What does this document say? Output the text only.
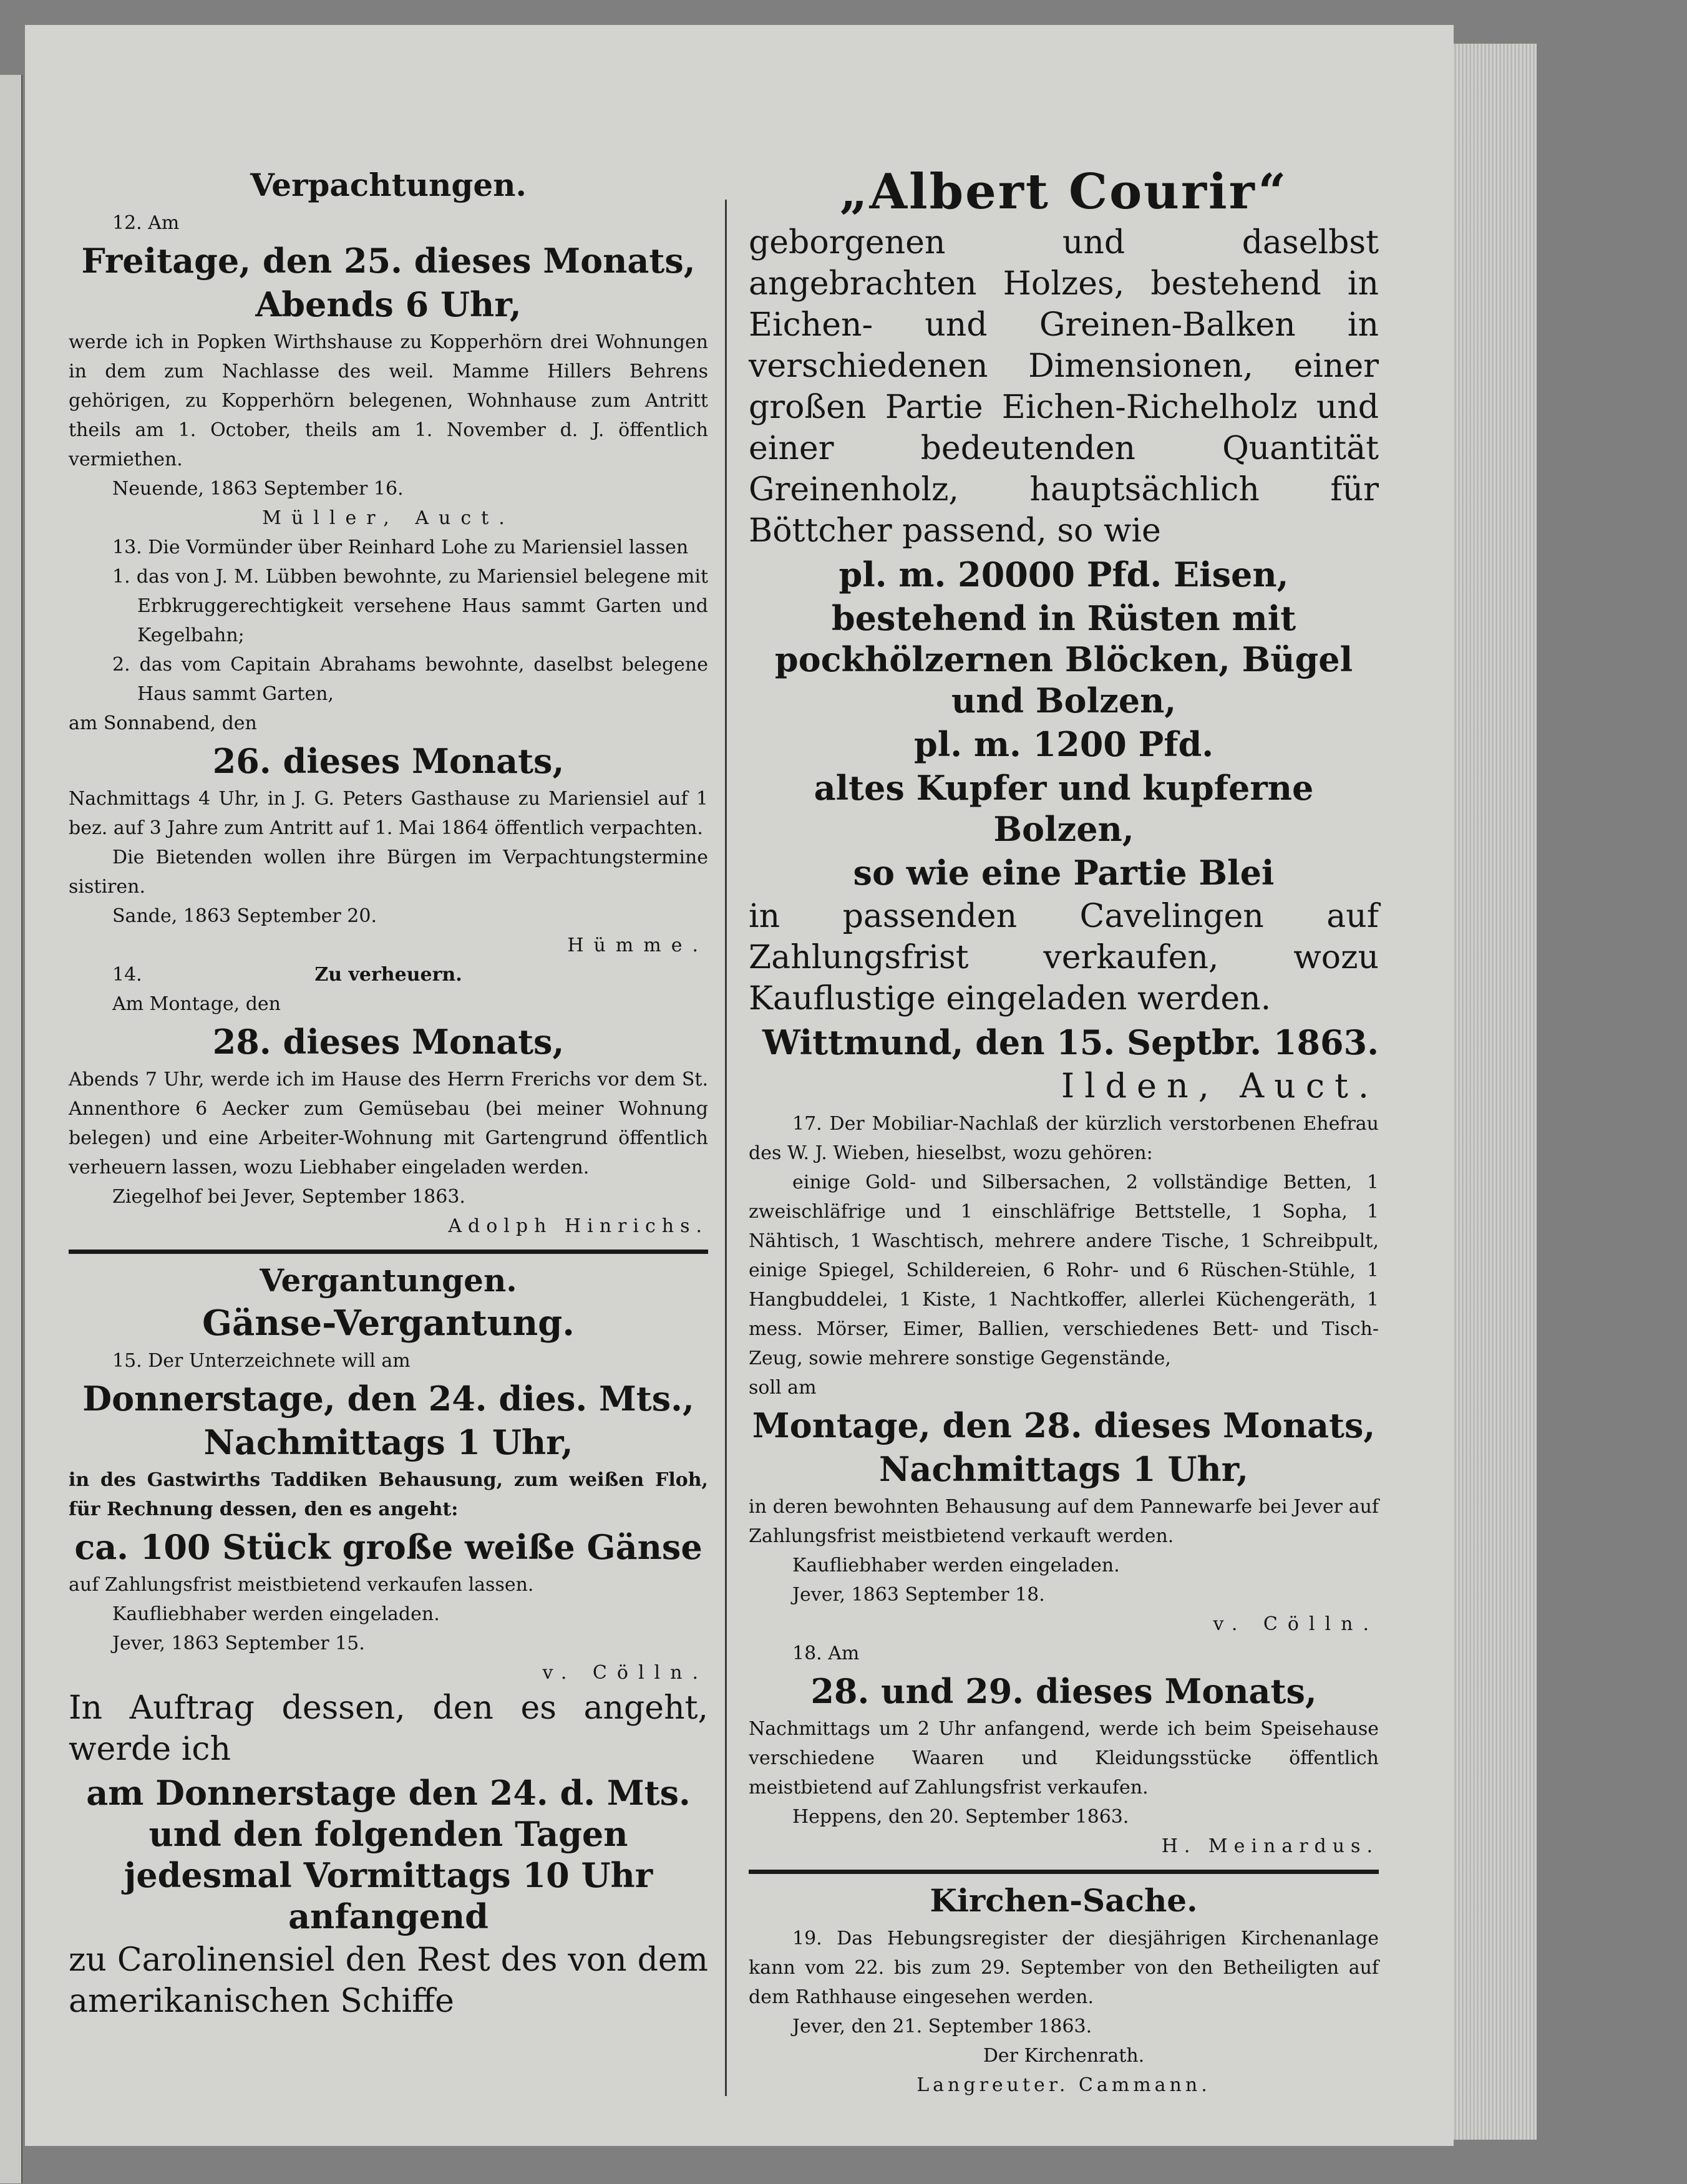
Verpachtungen.

12. Am

Freitage, den 25. dieses Monats,
Abends 6 Uhr,

werde ich in Popken Wirthshause zu Kopperhörn drei Wohnungen in dem zum Nachlasse des weil. Mamme Hillers Behrens gehörigen, zu Kopperhörn belegenen, Wohnhause zum Antritt theils am 1. October, theils am 1. November d. J. öffentlich vermiethen.

Neuende, 1863 September 16.

Müller, Auct.

13. Die Vormünder über Reinhard Lohe zu Mariensiel lassen

1. das von J. M. Lübben bewohnte, zu Mariensiel belegene mit Erbkruggerechtigkeit versehene Haus sammt Garten und Kegelbahn;

2. das vom Capitain Abrahams bewohnte, daselbst belegene Haus sammt Garten,

am Sonnabend, den

26. dieses Monats,

Nachmittags 4 Uhr, in J. G. Peters Gasthause zu Mariensiel auf 1 bez. auf 3 Jahre zum Antritt auf 1. Mai 1864 öffentlich verpachten.

Die Bietenden wollen ihre Bürgen im Verpachtungstermine sistiren.

Sande, 1863 September 20.

Hümme.

14.	Zu verheuern.

Am Montage, den

28. dieses Monats,

Abends 7 Uhr, werde ich im Hause des Herrn Frerichs vor dem St. Annenthore 6 Aecker zum Gemüsebau (bei meiner Wohnung belegen) und eine Arbeiter-Wohnung mit Gartengrund öffentlich verheuern lassen, wozu Liebhaber eingeladen werden.

Ziegelhof bei Jever, September 1863.

Adolph Hinrichs.

Vergantungen.
Gänse-Vergantung.

15. Der Unterzeichnete will am

Donnerstage, den 24. dies. Mts.,
Nachmittags 1 Uhr,

in des Gastwirths Taddiken Behausung, zum weißen Floh, für Rechnung dessen, den es angeht:

ca. 100 Stück große weiße Gänse

auf Zahlungsfrist meistbietend verkaufen lassen.

Kaufliebhaber werden eingeladen.

Jever, 1863 September 15.

v. Cölln.

In Auftrag dessen, den es angeht, werde ich

am Donnerstage den 24. d. Mts. und den folgenden Tagen jedesmal Vormittags 10 Uhr anfangend

zu Carolinensiel den Rest des von dem amerikanischen Schiffe

„Albert Courir“

geborgenen und daselbst angebrachten Holzes, bestehend in Eichen- und Greinen-Balken in verschiedenen Dimensionen, einer großen Partie Eichen-Richelholz und einer bedeutenden Quantität Greinenholz, hauptsächlich für Böttcher passend, so wie

pl. m. 20000 Pfd. Eisen,
bestehend in Rüsten mit pockhölzernen Blöcken, Bügel und Bolzen,
pl. m. 1200 Pfd.
altes Kupfer und kupferne Bolzen,
so wie eine Partie Blei

in passenden Cavelingen auf Zahlungsfrist verkaufen, wozu Kauflustige eingeladen werden.

Wittmund, den 15. Septbr. 1863.
Ilden, Auct.

17. Der Mobiliar-Nachlaß der kürzlich verstorbenen Ehefrau des W. J. Wieben, hieselbst, wozu gehören:

einige Gold- und Silbersachen, 2 vollständige Betten, 1 zweischläfrige und 1 einschläfrige Bettstelle, 1 Sopha, 1 Nähtisch, 1 Waschtisch, mehrere andere Tische, 1 Schreibpult, einige Spiegel, Schildereien, 6 Rohr- und 6 Rüschen-Stühle, 1 Hangbuddelei, 1 Kiste, 1 Nachtkoffer, allerlei Küchengeräth, 1 mess. Mörser, Eimer, Ballien, verschiedenes Bett- und Tisch-Zeug, sowie mehrere sonstige Gegenstände,

soll am

Montage, den 28. dieses Monats,
Nachmittags 1 Uhr,

in deren bewohnten Behausung auf dem Pannewarfe bei Jever auf Zahlungsfrist meistbietend verkauft werden.

Kaufliebhaber werden eingeladen.

Jever, 1863 September 18.

v. Cölln.

18. Am

28. und 29. dieses Monats,

Nachmittags um 2 Uhr anfangend, werde ich beim Speisehause verschiedene Waaren und Kleidungsstücke öffentlich meistbietend auf Zahlungsfrist verkaufen.

Heppens, den 20. September 1863.

H. Meinardus.

Kirchen-Sache.

19. Das Hebungsregister der diesjährigen Kirchenanlage kann vom 22. bis zum 29. September von den Betheiligten auf dem Rathhause eingesehen werden.

Jever, den 21. September 1863.

Der Kirchenrath.

Langreuter. Cammann.
